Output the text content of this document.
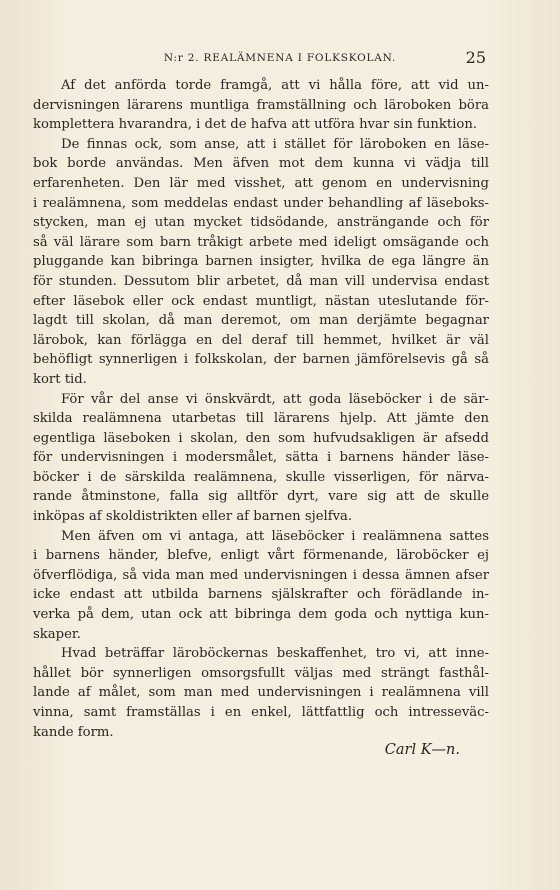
N:r 2. REALÄMNENA I FOLKSKOLAN.	25
Af det anförda torde framgå, att vi hålla före, att vid un-
dervisningen lärarens muntliga framställning och läroboken böra
komplettera hvarandra, i det de hafva att utföra hvar sin funktion.
De finnas ock, som anse, att i stället för läroboken en läse-
bok borde användas. Men äfven mot dem kunna vi vädja till
erfarenheten. Den lär med visshet, att genom en undervisning
i realämnena, som meddelas endast under behandling af läseboks-
stycken, man ej utan mycket tidsödande, ansträngande och för
så väl lärare som barn tråkigt arbete med ideligt omsägande och
pluggande kan bibringa barnen insigter, hvilka de ega längre än
för stunden. Dessutom blir arbetet, då man vill undervisa endast
efter läsebok eller ock endast muntligt, nästan uteslutande för-
lagdt till skolan, då man deremot, om man derjämte begagnar
lärobok, kan förlägga en del deraf till hemmet, hvilket är väl
behöfligt synnerligen i folkskolan, der barnen jämförelsevis gå så
kort tid.
För vår del anse vi önskvärdt, att goda läseböcker i de sär-
skilda realämnena utarbetas till lärarens hjelp. Att jämte den
egentliga läseboken i skolan, den som hufvudsakligen är afsedd
för undervisningen i modersmålet, sätta i barnens händer läse-
böcker i de särskilda realämnena, skulle visserligen, för närva-
rande åtminstone, falla sig alltför dyrt, vare sig att de skulle
inköpas af skoldistrikten eller af barnen sjelfva.
Men äfven om vi antaga, att läseböcker i realämnena sattes
i barnens händer, blefve, enligt vårt förmenande, läroböcker ej
öfverflödiga, så vida man med undervisningen i dessa ämnen afser
icke endast att utbilda barnens själskrafter och förädlande in-
verka på dem, utan ock att bibringa dem goda och nyttiga kun-
skaper.
Hvad beträffar läroböckernas beskaffenhet, tro vi, att inne-
hållet bör synnerligen omsorgsfullt väljas med strängt fasthål-
lande af målet, som man med undervisningen i realämnena vill
vinna, samt framställas i en enkel, lättfattlig och intresseväc-
kande form.
Carl K—n.
